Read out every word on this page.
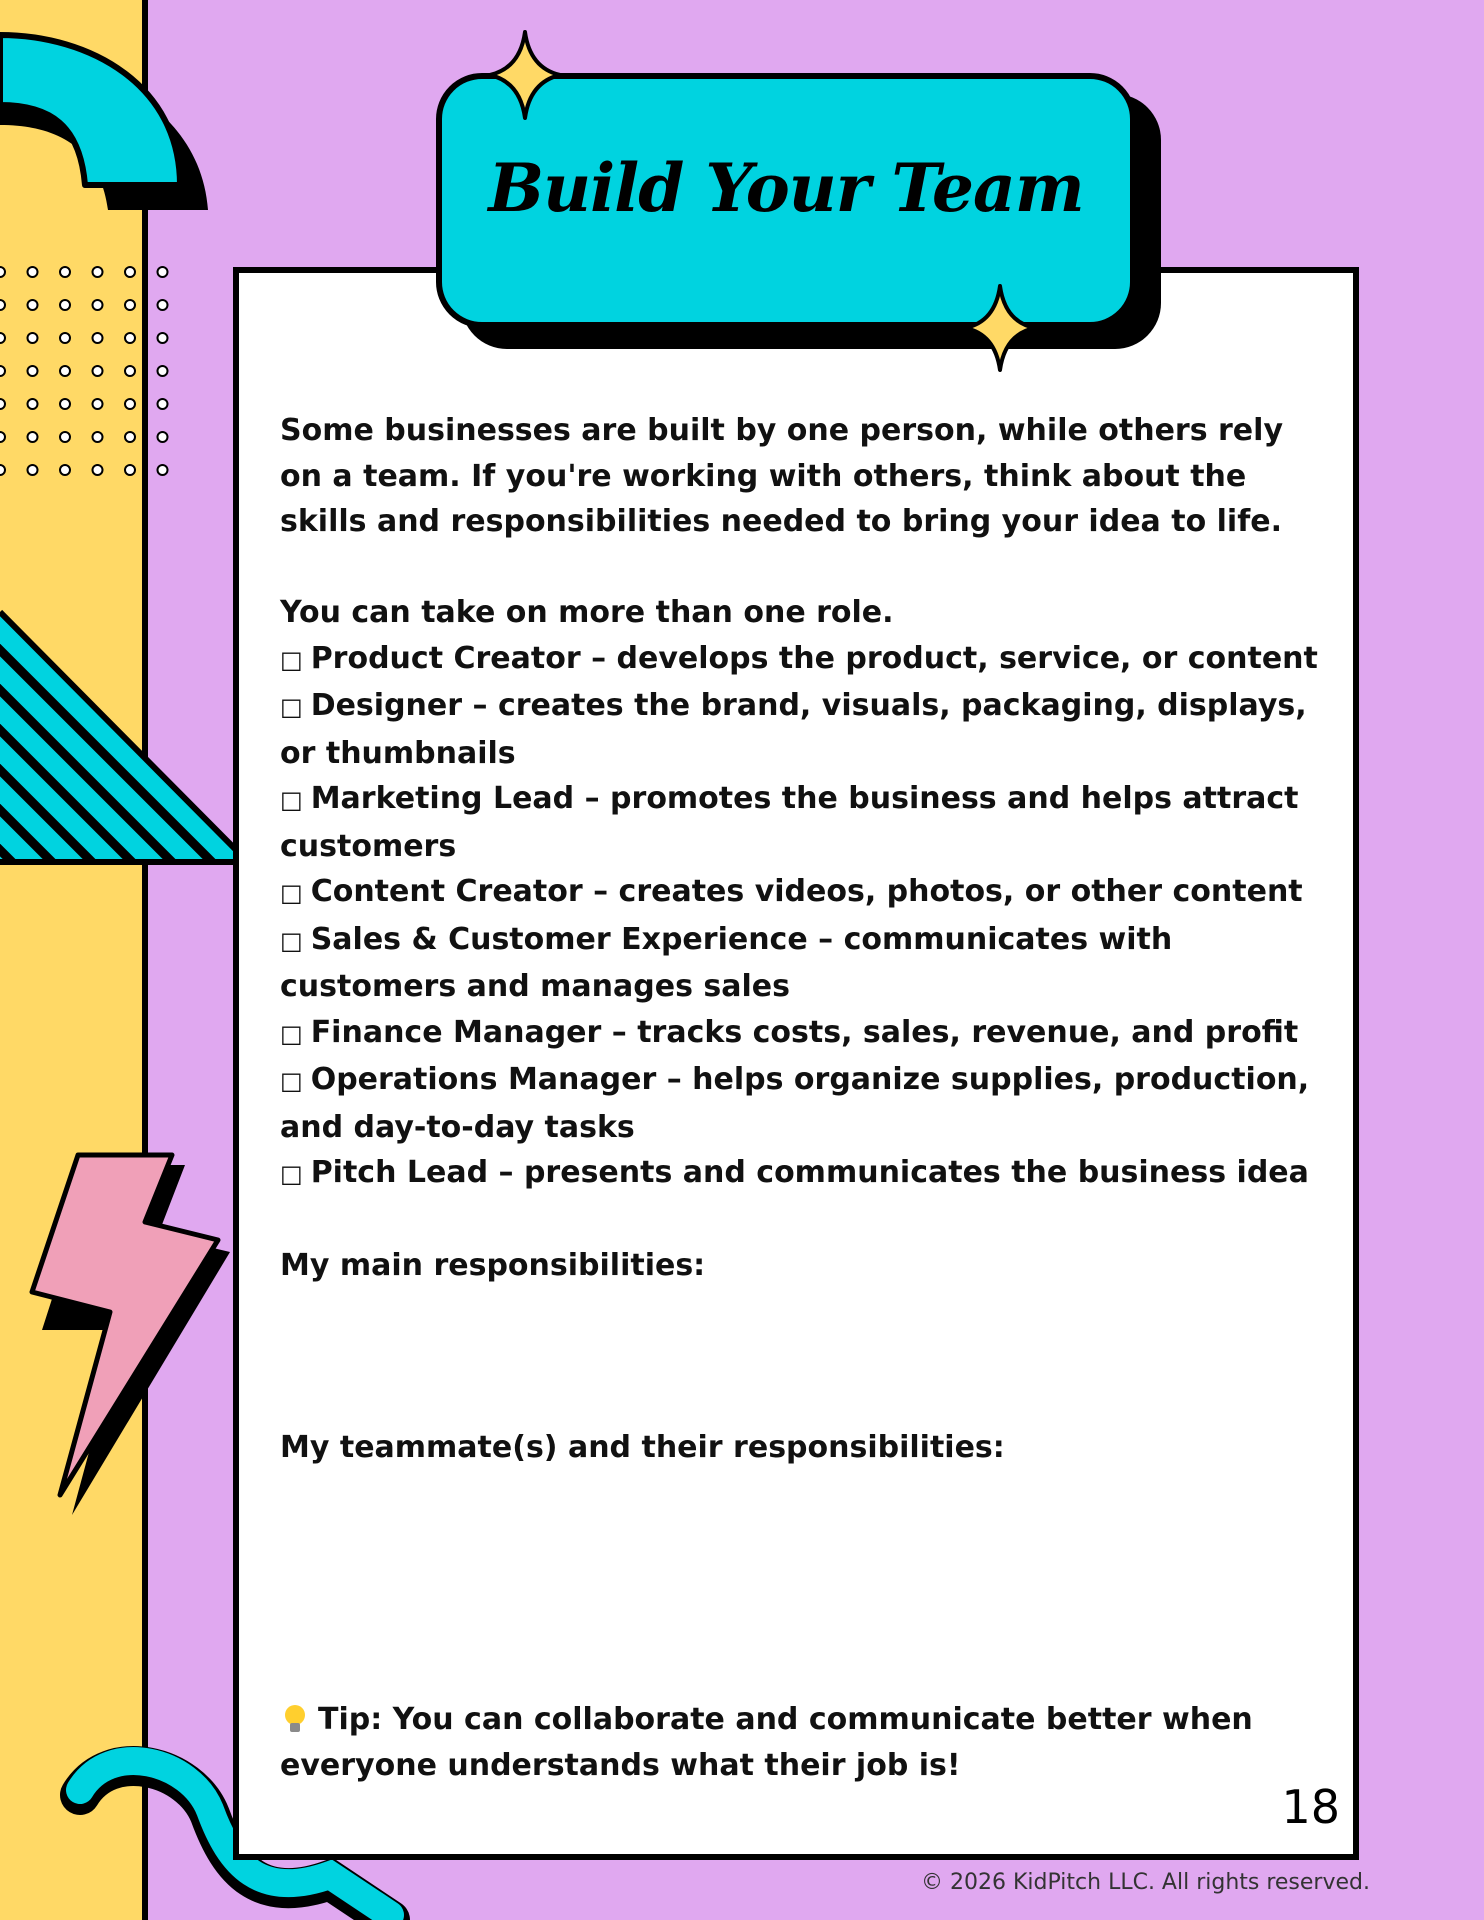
Build Your Team

Some businesses are built by one person, while others rely on a team. If you're working with others, think about the skills and responsibilities needed to bring your idea to life.

You can take on more than one role.

□ Product Creator – develops the product, service, or content

□ Designer – creates the brand, visuals, packaging, displays, or thumbnails

□ Marketing Lead – promotes the business and helps attract customers

□ Content Creator – creates videos, photos, or other content

□ Sales & Customer Experience – communicates with customers and manages sales

□ Finance Manager – tracks costs, sales, revenue, and profit

□ Operations Manager – helps organize supplies, production, and day-to-day tasks

□ Pitch Lead – presents and communicates the business idea

My main responsibilities:

My teammate(s) and their responsibilities:

Tip: You can collaborate and communicate better when everyone understands what their job is!

18
© 2026 KidPitch LLC. All rights reserved.
